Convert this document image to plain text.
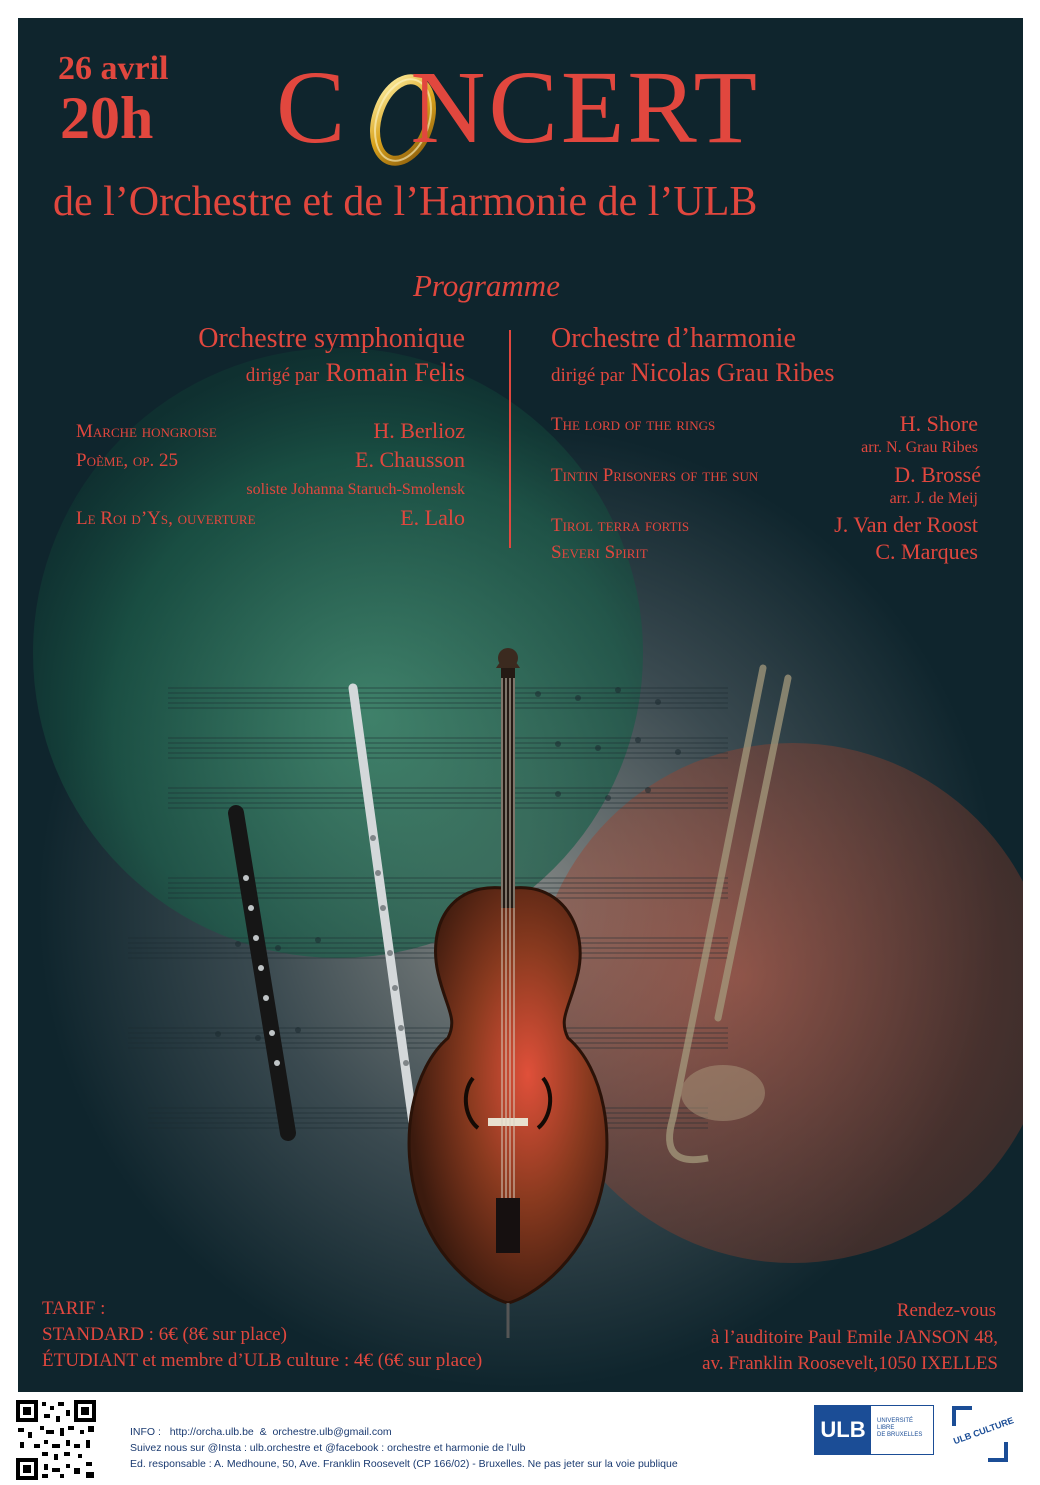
26 avril
20h C NCERT
de l’Orchestre et de l’Harmonie de l’ULB
Programme
Orchestre symphonique
dirigé par Romain Felis
Marche hongroise	H. Berlioz
Poème, op. 25	E. Chausson
soliste Johanna Staruch-Smolensk
Le Roi d’Ys, ouverture	E. Lalo
Orchestre d’harmonie
dirigé par Nicolas Grau Ribes
The lord of the rings	H. Shore
arr. N. Grau Ribes
Tintin Prisoners of the sun	D. Brossé
arr. J. de Meij
Tirol terra fortis	J. Van der Roost
Severi Spirit	C. Marques
TARIF :
STANDARD : 6€ (8€ sur place)
ÉTUDIANT et membre d’ULB culture : 4€ (6€ sur place)
Rendez-vous
à l’auditoire Paul Emile JANSON 48,
av. Franklin Roosevelt,1050 IXELLES
INFO : http://orcha.ulb.be & orchestre.ulb@gmail.com
Suivez nous sur @Insta : ulb.orchestre et @facebook : orchestre et harmonie de l’ulb
Ed. responsable : A. Medhoune, 50, Ave. Franklin Roosevelt (CP 166/02) - Bruxelles. Ne pas jeter sur la voie publique
ULB	UNIVERSITÉ
LIBRE
DE BRUXELLES	ULB CULTURE
